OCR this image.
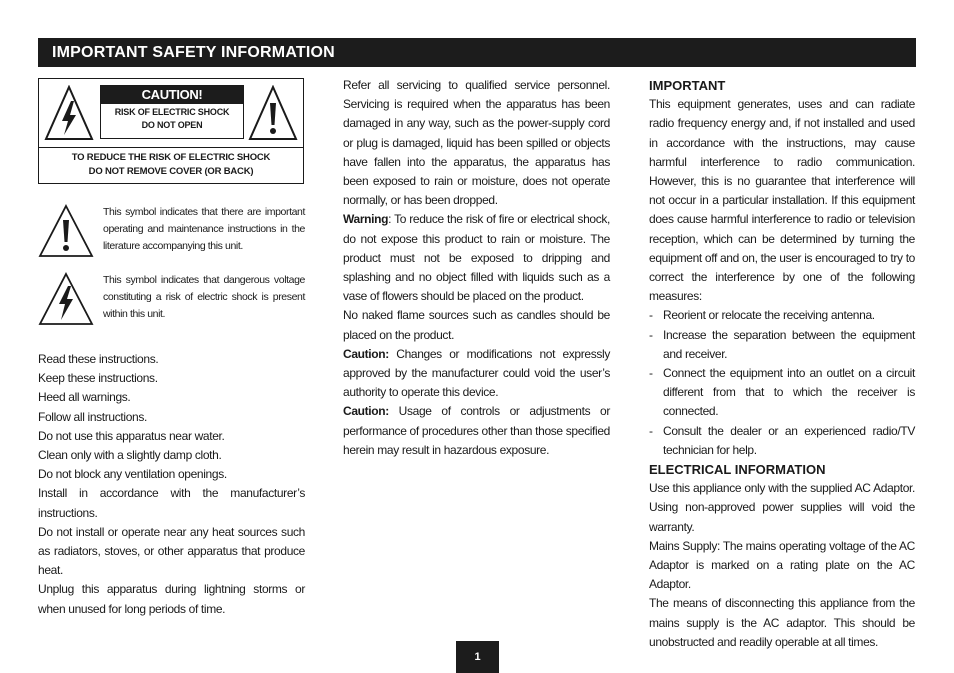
IMPORTANT SAFETY INFORMATION
CAUTION!
RISK OF ELECTRIC SHOCK
DO NOT OPEN
TO REDUCE THE RISK OF ELECTRIC SHOCK
DO NOT REMOVE COVER (OR BACK)
This symbol indicates that there are important operating and maintenance instructions in the literature accompanying this unit.
This symbol indicates that dangerous voltage constituting a risk of electric shock is present within this unit.

Read these instructions.

Keep these instructions.

Heed all warnings.

Follow all instructions.

Do not use this apparatus near water.

Clean only with a slightly damp cloth.

Do not block any ventilation openings.

Install in accordance with the manufacturer’s instructions.

Do not install or operate near any heat sources such as radiators, stoves, or other apparatus that produce heat.

Unplug this apparatus during lightning storms or when unused for long periods of time.

Refer all servicing to qualified service personnel. Servicing is required when the apparatus has been damaged in any way, such as the power-supply cord or plug is damaged, liquid has been spilled or objects have fallen into the apparatus, the apparatus has been exposed to rain or moisture, does not operate normally, or has been dropped.

Warning: To reduce the risk of fire or electrical shock, do not expose this product to rain or moisture. The product must not be exposed to dripping and splashing and no object filled with liquids such as a vase of flowers should be placed on the product.

No naked flame sources such as candles should be placed on the product.

Caution: Changes or modifications not expressly approved by the manufacturer could void the user’s authority to operate this device.

Caution: Usage of controls or adjustments or performance of procedures other than those specified herein may result in hazardous exposure.

IMPORTANT

This equipment generates, uses and can radiate radio frequency energy and, if not installed and used in accordance with the instructions, may cause harmful interference to radio communication. However, this is no guarantee that interference will not occur in a particular installation. If this equipment does cause harmful interference to radio or television reception, which can be determined by turning the equipment off and on, the user is encouraged to try to correct the interference by one of the following measures:

- Reorient or relocate the receiving antenna.
- Increase the separation between the equipment and receiver.
- Connect the equipment into an outlet on a circuit different from that to which the receiver is connected.
- Consult the dealer or an experienced radio/TV technician for help.

ELECTRICAL INFORMATION

Use this appliance only with the supplied AC Adaptor. Using non-approved power supplies will void the warranty.

Mains Supply: The mains operating voltage of the AC Adaptor is marked on a rating plate on the AC Adaptor.

The means of disconnecting this appliance from the mains supply is the AC adaptor. This should be unobstructed and readily operable at all times.

1
